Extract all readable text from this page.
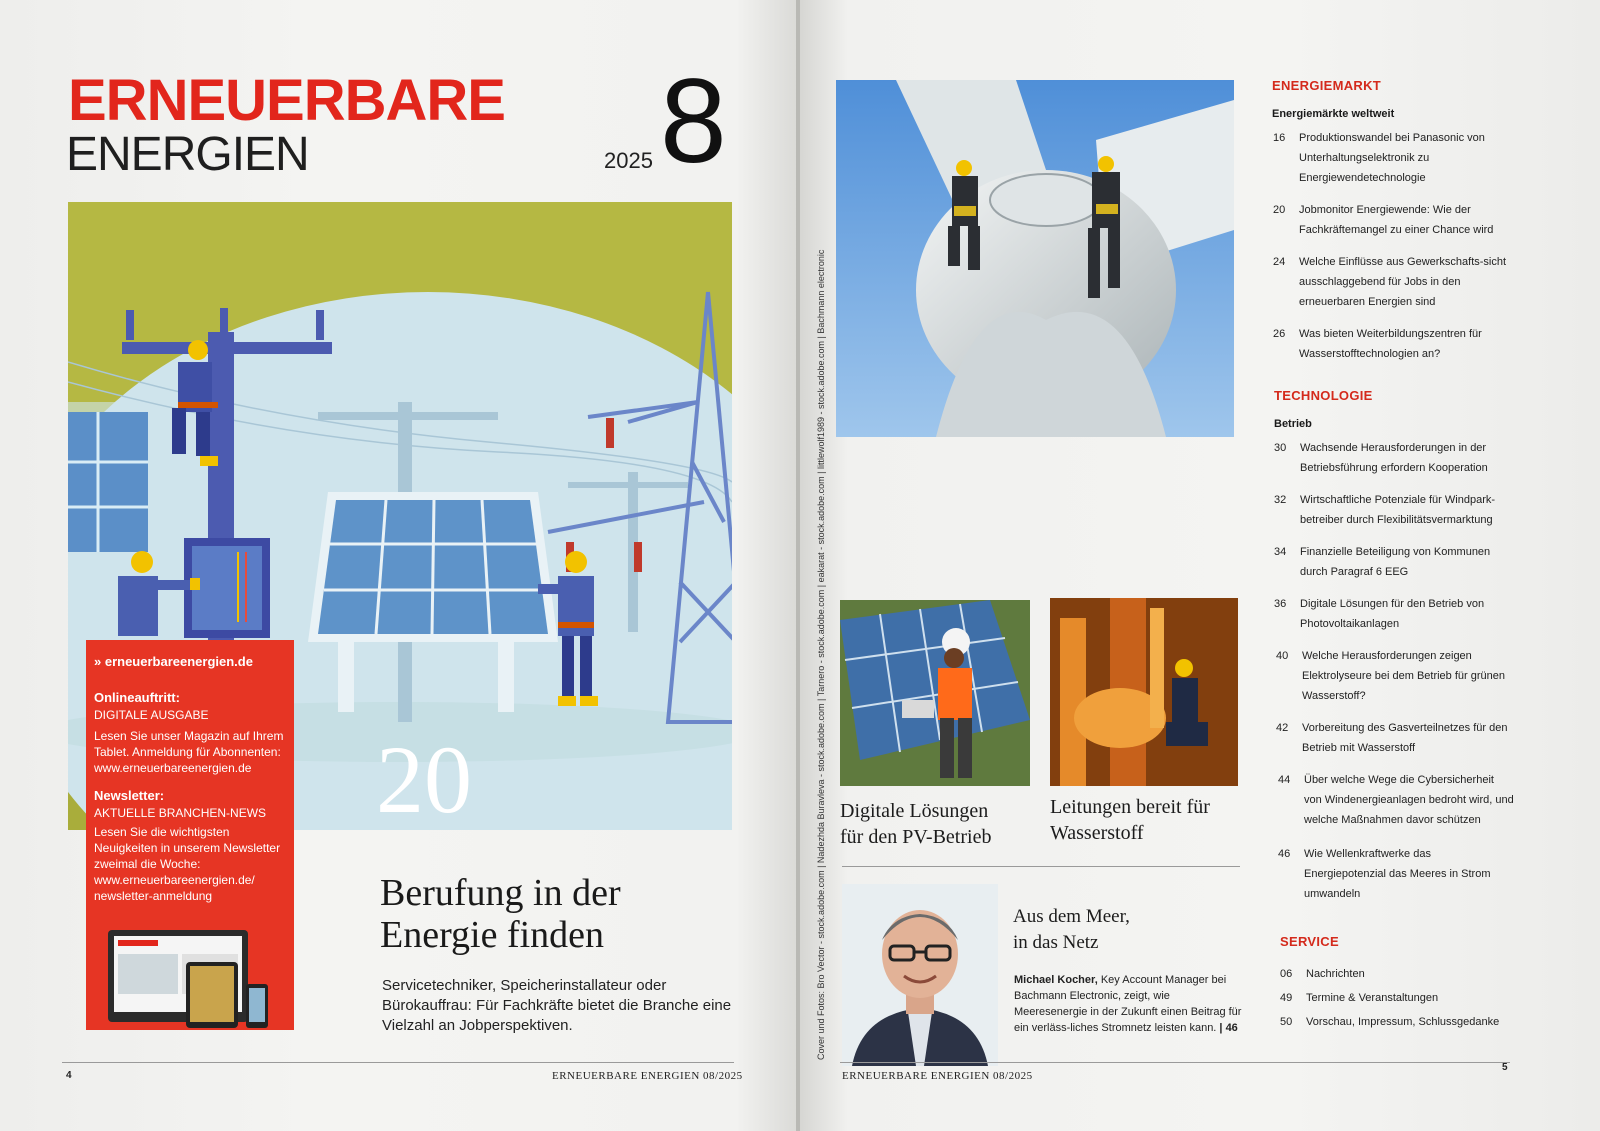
ERNEUERBARE
ENERGIEN	2025 8
20
» erneuerbareenergien.de
Onlineauftritt:
DIGITALE AUSGABE
Lesen Sie unser Magazin auf Ihrem Tablet. Anmeldung für Abonnenten: www.erneuerbareenergien.de
Newsletter:
AKTUELLE BRANCHEN-NEWS
Lesen Sie die wichtigsten Neuigkeiten in unserem Newsletter zweimal die Woche: www.erneuerbareenergien.de/ newsletter-anmeldung	Berufung in der
Energie finden
Servicetechniker, Speicherinstallateur oder Bürokauffrau: Für Fachkräfte bietet die Branche eine Vielzahl an Jobperspektiven.
4	ERNEUERBARE ENERGIEN 08/2025
Digitale Lösungen
für den PV-Betrieb
Leitungen bereit für
Wasserstoff
Aus dem Meer,
in das Netz
Michael Kocher, Key Account Manager bei Bachmann Electronic, zeigt, wie Meeresenergie in der Zukunft einen Beitrag für ein verläss-liches Stromnetz leisten kann. | 46
Cover und Fotos: Bro Vector - stock.adobe.com | Nadezhda Buravleva - stock.adobe.com | Tarnero - stock.adobe.com | eakarat - stock.adobe.com | littlewolf1989 - stock.adobe.com | Bachmann electronic
ENERGIEMARKT
Energiemärkte weltweit
16	Produktionswandel bei Panasonic von Unterhaltungselektronik zu Energiewendetechnologie
20	Jobmonitor Energiewende: Wie der Fachkräftemangel zu einer Chance wird
24	Welche Einflüsse aus Gewerkschafts-sicht ausschlaggebend für Jobs in den erneuerbaren Energien sind
26	Was bieten Weiterbildungszentren für Wasserstofftechnologien an?
TECHNOLOGIE
Betrieb
30	Wachsende Herausforderungen in der Betriebsführung erfordern Kooperation
32	Wirtschaftliche Potenziale für Windpark-betreiber durch Flexibilitätsvermarktung
34	Finanzielle Beteiligung von Kommunen durch Paragraf 6 EEG
36	Digitale Lösungen für den Betrieb von Photovoltaikanlagen
40	Welche Herausforderungen zeigen Elektrolyseure bei dem Betrieb für grünen Wasserstoff?
42	Vorbereitung des Gasverteilnetzes für den Betrieb mit Wasserstoff
44	Über welche Wege die Cybersicherheit von Windenergieanlagen bedroht wird, und welche Maßnahmen davor schützen
46	Wie Wellenkraftwerke das Energiepotenzial das Meeres in Strom umwandeln
SERVICE
06	Nachrichten
49	Termine & Veranstaltungen
50	Vorschau, Impressum, Schlussgedanke
ERNEUERBARE ENERGIEN 08/2025
5
